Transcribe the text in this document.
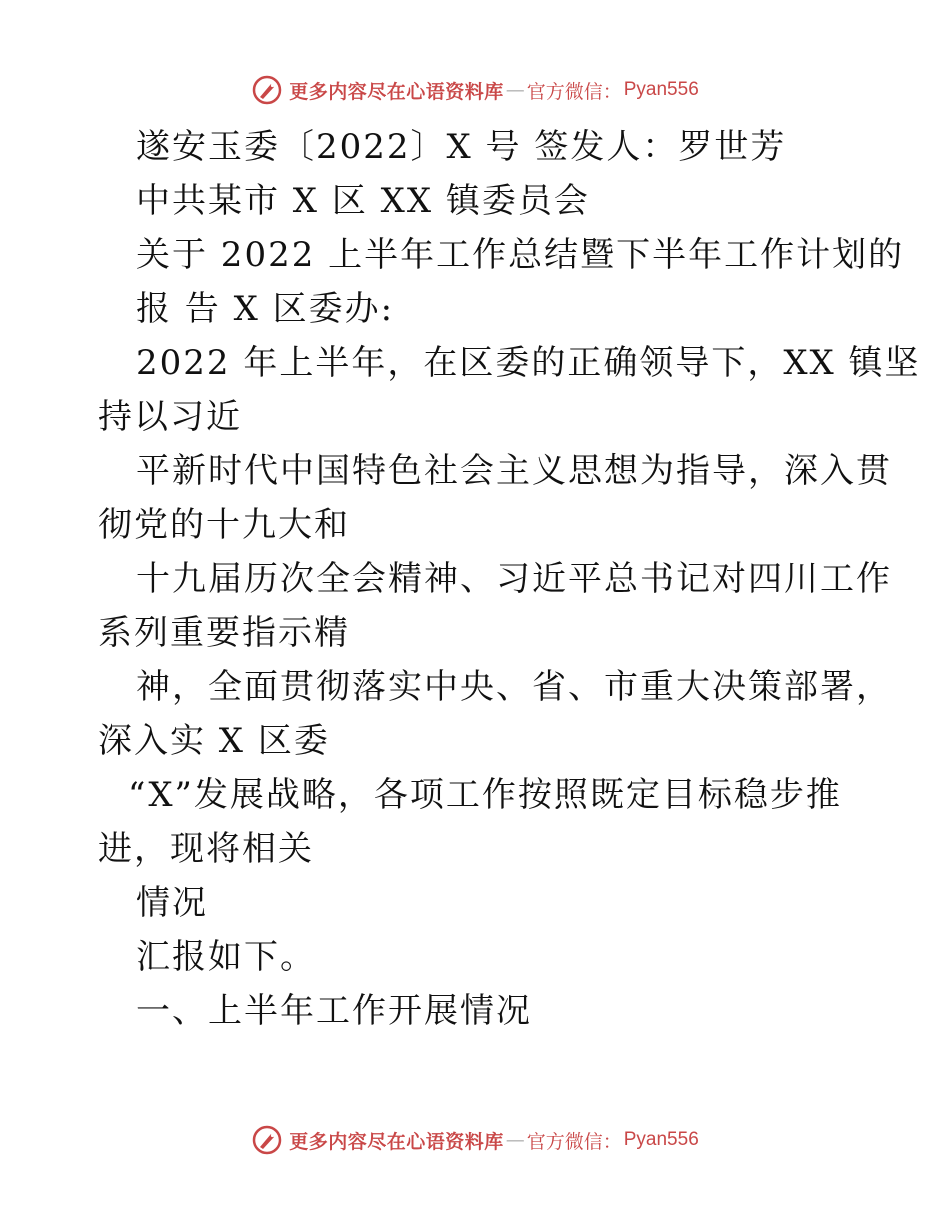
更多内容尽在心语资料库 — 官方微信： Pyan556
遂安玉委〔2022〕X 号 签发人：罗世芳
中共某市 X 区 XX 镇委员会
关于 2022 上半年工作总结暨下半年工作计划的
报 告 X 区委办:
2022 年上半年，在区委的正确领导下，XX 镇坚
持以习近
平新时代中国特色社会主义思想为指导，深入贯
彻党的十九大和
十九届历次全会精神、习近平总书记对四川工作
系列重要指示精
神，全面贯彻落实中央、省、市重大决策部署，
深入实 X 区委
“X”发展战略，各项工作按照既定目标稳步推
进，现将相关
情况
汇报如下。
一、上半年工作开展情况
更多内容尽在心语资料库 — 官方微信： Pyan556
